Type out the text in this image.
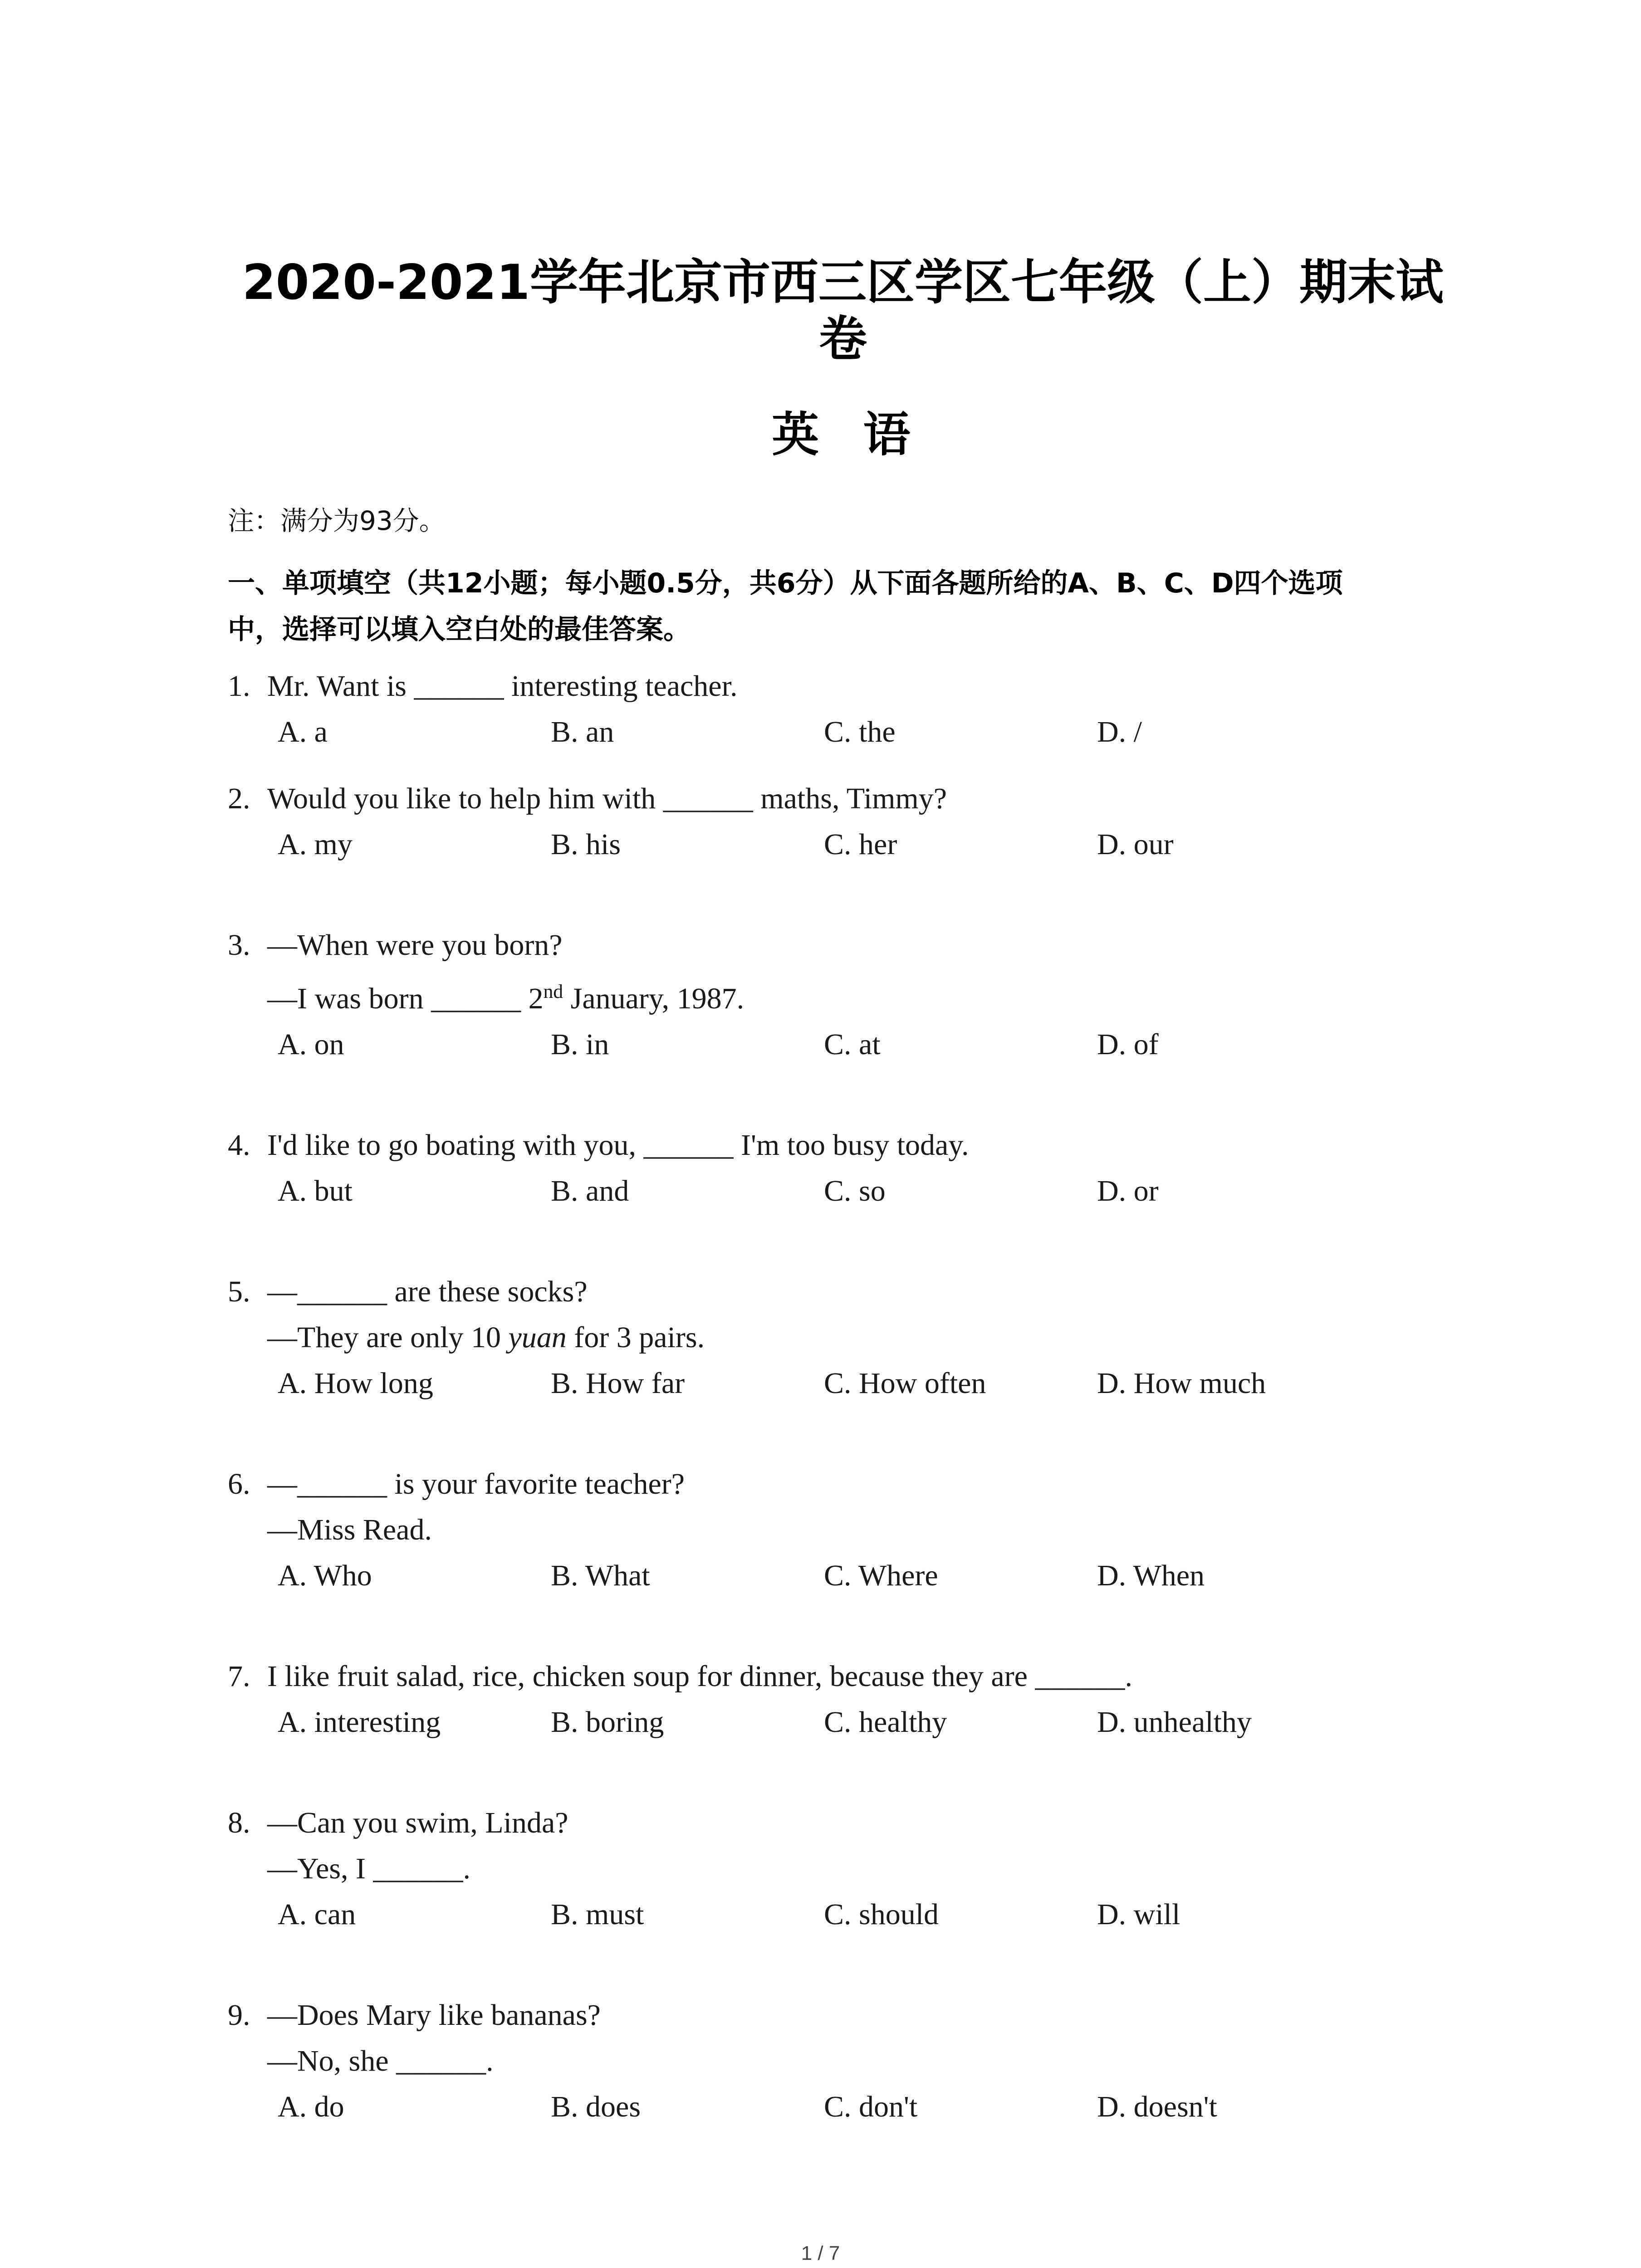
2020-2021学年北京市西三区学区七年级（上）期末试
卷
英  语
注：满分为93分。
一、单项填空（共12小题；每小题0.5分，共6分）从下面各题所给的A、B、C、D四个选项
中，选择可以填入空白处的最佳答案。
1. Mr. Want is ______ interesting teacher.
A. a	B. an	C. the	D. /
2. Would you like to help him with ______ maths, Timmy?
A. my	B. his	C. her	D. our
3. —When were you born?
—I was born ______ 2nd January, 1987.
A. on	B. in	C. at	D. of
4. I'd like to go boating with you, ______ I'm too busy today.
A. but	B. and	C. so	D. or
5. —______ are these socks?
—They are only 10 yuan for 3 pairs.
A. How long	B. How far	C. How often	D. How much
6. —______ is your favorite teacher?
—Miss Read.
A. Who	B. What	C. Where	D. When
7. I like fruit salad, rice, chicken soup for dinner, because they are ______.
A. interesting	B. boring	C. healthy	D. unhealthy
8. —Can you swim, Linda?
—Yes, I ______.
A. can	B. must	C. should	D. will
9. —Does Mary like bananas?
—No, she ______.
A. do	B. does	C. don't	D. doesn't
1 / 7
